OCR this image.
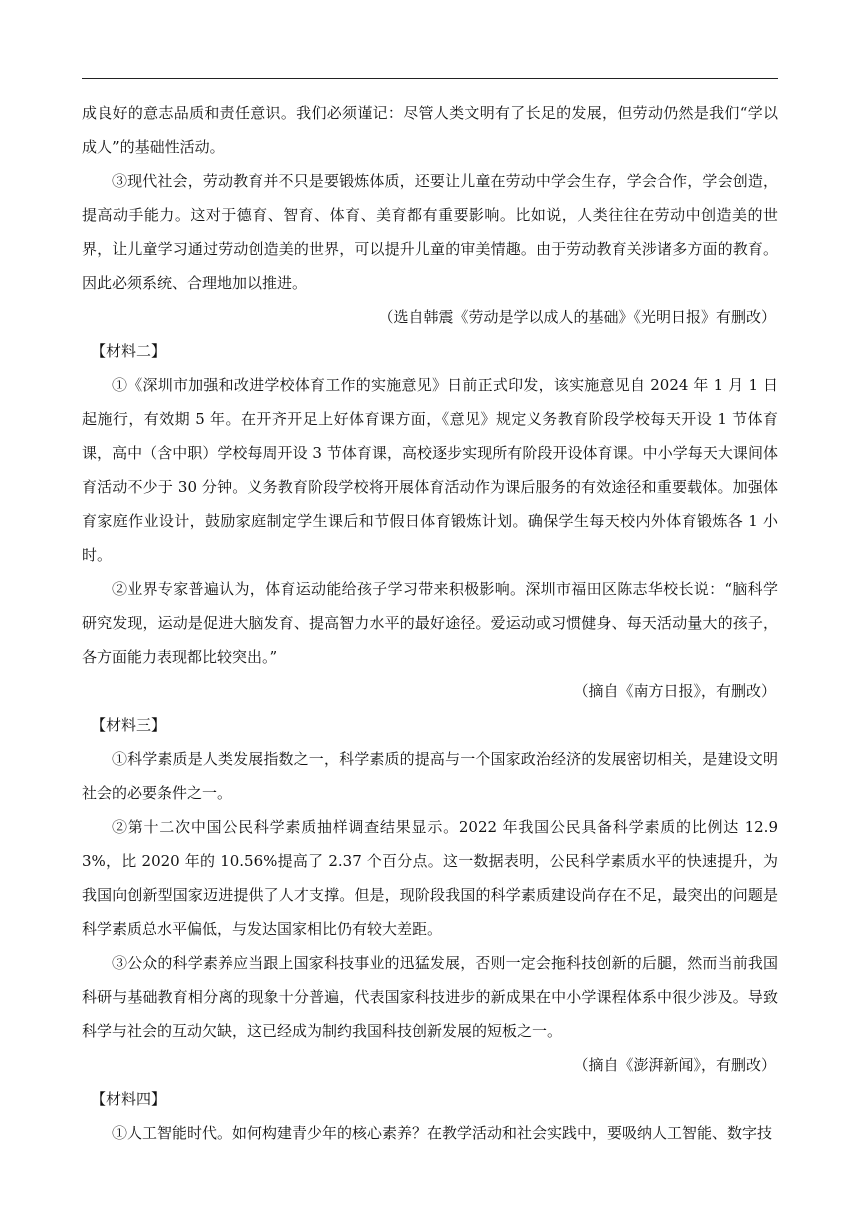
成良好的意志品质和责任意识。我们必须谨记：尽管人类文明有了长足的发展，但劳动仍然是我们“学以成人”的基础性活动。

③现代社会，劳动教育并不只是要锻炼体质，还要让儿童在劳动中学会生存，学会合作，学会创造，提高动手能力。这对于德育、智育、体育、美育都有重要影响。比如说，人类往往在劳动中创造美的世界，让儿童学习通过劳动创造美的世界，可以提升儿童的审美情趣。由于劳动教育关涉诸多方面的教育。因此必须系统、合理地加以推进。

（选自韩震《劳动是学以成人的基础》《光明日报》有删改）

【材料二】

①《深圳市加强和改进学校体育工作的实施意见》日前正式印发，该实施意见自 2024 年 1 月 1 日起施行，有效期 5 年。在开齐开足上好体育课方面，《意见》规定义务教育阶段学校每天开设 1 节体育课，高中（含中职）学校每周开设 3 节体育课，高校逐步实现所有阶段开设体育课。中小学每天大课间体育活动不少于 30 分钟。义务教育阶段学校将开展体育活动作为课后服务的有效途径和重要载体。加强体育家庭作业设计，鼓励家庭制定学生课后和节假日体育锻炼计划。确保学生每天校内外体育锻炼各 1 小时。

②业界专家普遍认为，体育运动能给孩子学习带来积极影响。深圳市福田区陈志华校长说：“脑科学研究发现，运动是促进大脑发育、提高智力水平的最好途径。爱运动或习惯健身、每天活动量大的孩子，各方面能力表现都比较突出。”

（摘自《南方日报》，有删改）

【材料三】

①科学素质是人类发展指数之一，科学素质的提高与一个国家政治经济的发展密切相关，是建设文明社会的必要条件之一。

②第十二次中国公民科学素质抽样调查结果显示。2022 年我国公民具备科学素质的比例达 12.93%，比 2020 年的 10.56%提高了 2.37 个百分点。这一数据表明，公民科学素质水平的快速提升，为我国向创新型国家迈进提供了人才支撑。但是，现阶段我国的科学素质建设尚存在不足，最突出的问题是科学素质总水平偏低，与发达国家相比仍有较大差距。

③公众的科学素养应当跟上国家科技事业的迅猛发展，否则一定会拖科技创新的后腿，然而当前我国科研与基础教育相分离的现象十分普遍，代表国家科技进步的新成果在中小学课程体系中很少涉及。导致科学与社会的互动欠缺，这已经成为制约我国科技创新发展的短板之一。

（摘自《澎湃新闻》，有删改）

【材料四】

①人工智能时代。如何构建青少年的核心素养？在教学活动和社会实践中，要吸纳人工智能、数字技
